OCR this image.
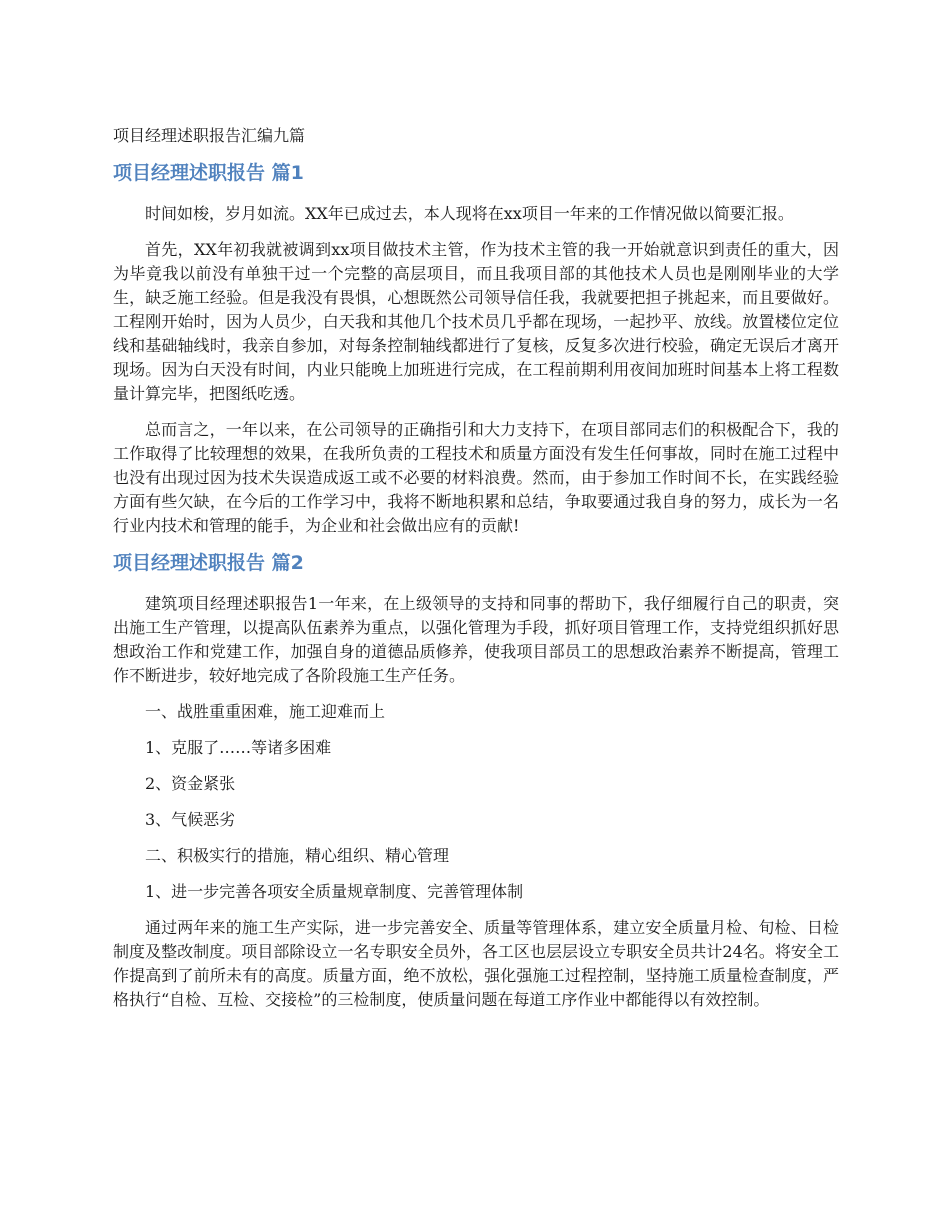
项目经理述职报告汇编九篇
项目经理述职报告 篇1

时间如梭，岁月如流。XX年已成过去，本人现将在xx项目一年来的工作情况做以简要汇报。

首先，XX年初我就被调到xx项目做技术主管，作为技术主管的我一开始就意识到责任的重大，因为毕竟我以前没有单独干过一个完整的高层项目，而且我项目部的其他技术人员也是刚刚毕业的大学生，缺乏施工经验。但是我没有畏惧，心想既然公司领导信任我，我就要把担子挑起来，而且要做好。工程刚开始时，因为人员少，白天我和其他几个技术员几乎都在现场，一起抄平、放线。放置楼位定位线和基础轴线时，我亲自参加，对每条控制轴线都进行了复核，反复多次进行校验，确定无误后才离开现场。因为白天没有时间，内业只能晚上加班进行完成，在工程前期利用夜间加班时间基本上将工程数量计算完毕，把图纸吃透。

总而言之，一年以来，在公司领导的正确指引和大力支持下，在项目部同志们的积极配合下，我的工作取得了比较理想的效果，在我所负责的工程技术和质量方面没有发生任何事故，同时在施工过程中也没有出现过因为技术失误造成返工或不必要的材料浪费。然而，由于参加工作时间不长，在实践经验方面有些欠缺，在今后的工作学习中，我将不断地积累和总结，争取要通过我自身的努力，成长为一名行业内技术和管理的能手，为企业和社会做出应有的贡献!

项目经理述职报告 篇2

建筑项目经理述职报告1一年来，在上级领导的支持和同事的帮助下，我仔细履行自己的职责，突出施工生产管理，以提高队伍素养为重点，以强化管理为手段，抓好项目管理工作，支持党组织抓好思想政治工作和党建工作，加强自身的道德品质修养，使我项目部员工的思想政治素养不断提高，管理工作不断进步，较好地完成了各阶段施工生产任务。

一、战胜重重困难，施工迎难而上

1、克服了……等诸多困难

2、资金紧张

3、气候恶劣

二、积极实行的措施，精心组织、精心管理

1、进一步完善各项安全质量规章制度、完善管理体制

通过两年来的施工生产实际，进一步完善安全、质量等管理体系，建立安全质量月检、旬检、日检制度及整改制度。项目部除设立一名专职安全员外，各工区也层层设立专职安全员共计24名。将安全工作提高到了前所未有的高度。质量方面，绝不放松，强化强施工过程控制，坚持施工质量检查制度，严格执行“自检、互检、交接检”的三检制度，使质量问题在每道工序作业中都能得以有效控制。
